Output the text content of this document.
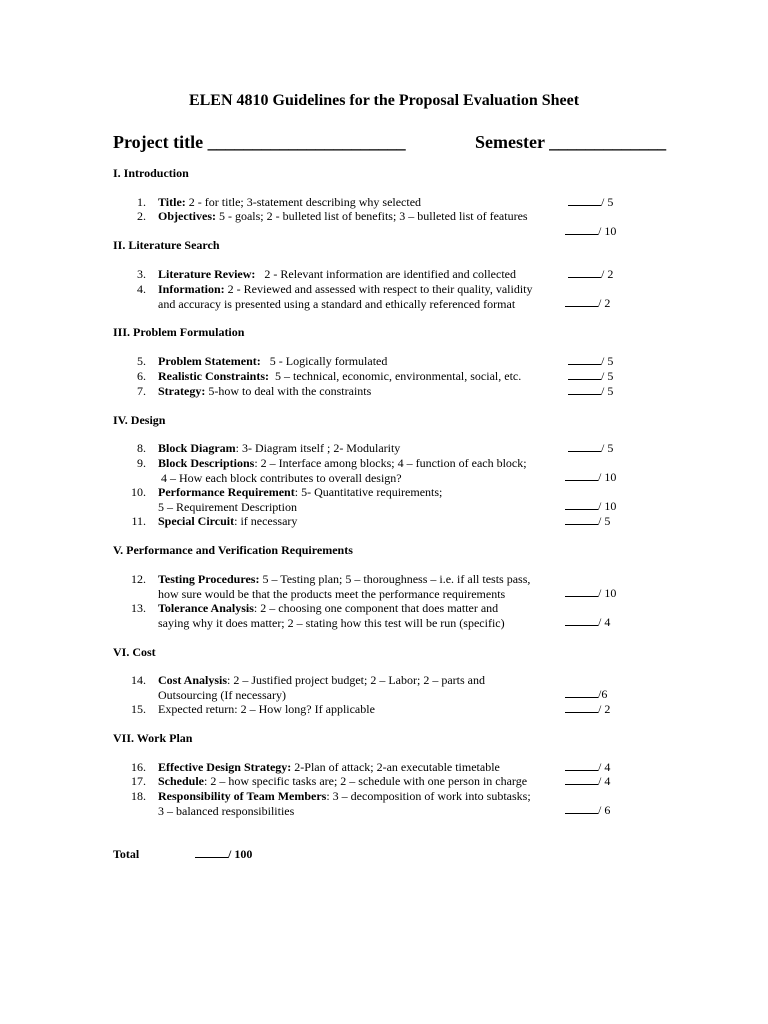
ELEN 4810 Guidelines for the Proposal Evaluation Sheet
Project title ______________________	Semester _____________
I. Introduction
II. Literature Search
III. Problem Formulation
IV. Design
V. Performance and Verification Requirements
VI. Cost
VII. Work Plan
1. Title: 2 - for title; 3-statement describing why selected
2. Objectives: 5 - goals; 2 - bulleted list of benefits; 3 – bulleted list of features
3. Literature Review:   2 - Relevant information are identified and collected
4. Information: 2 - Reviewed and assessed with respect to their quality, validity
and accuracy is presented using a standard and ethically referenced format
5. Problem Statement:   5 - Logically formulated
6. Realistic Constraints:  5 – technical, economic, environmental, social, etc.
7. Strategy: 5-how to deal with the constraints
8. Block Diagram: 3- Diagram itself ; 2- Modularity
9. Block Descriptions: 2 – Interface among blocks; 4 – function of each block;
4 – How each block contributes to overall design?
10. Performance Requirement: 5- Quantitative requirements;
5 – Requirement Description
11. Special Circuit: if necessary
12. Testing Procedures: 5 – Testing plan; 5 – thoroughness – i.e. if all tests pass,
how sure would be that the products meet the performance requirements
13. Tolerance Analysis: 2 – choosing one component that does matter and
saying why it does matter; 2 – stating how this test will be run (specific)
14. Cost Analysis: 2 – Justified project budget; 2 – Labor; 2 – parts and
Outsourcing (If necessary)
15. Expected return: 2 – How long? If applicable
16. Effective Design Strategy: 2-Plan of attack; 2-an executable timetable
17. Schedule: 2 – how specific tasks are; 2 – schedule with one person in charge
18. Responsibility of Team Members: 3 – decomposition of work into subtasks;
3 – balanced responsibilities
/ 5
/ 10
/ 2
/ 2
/ 5
/ 5
/ 5
/ 5
/ 10
/ 10
/ 5
/ 10
/ 4
/6
/ 2
/ 4
/ 4
/ 6
Total	/ 100
